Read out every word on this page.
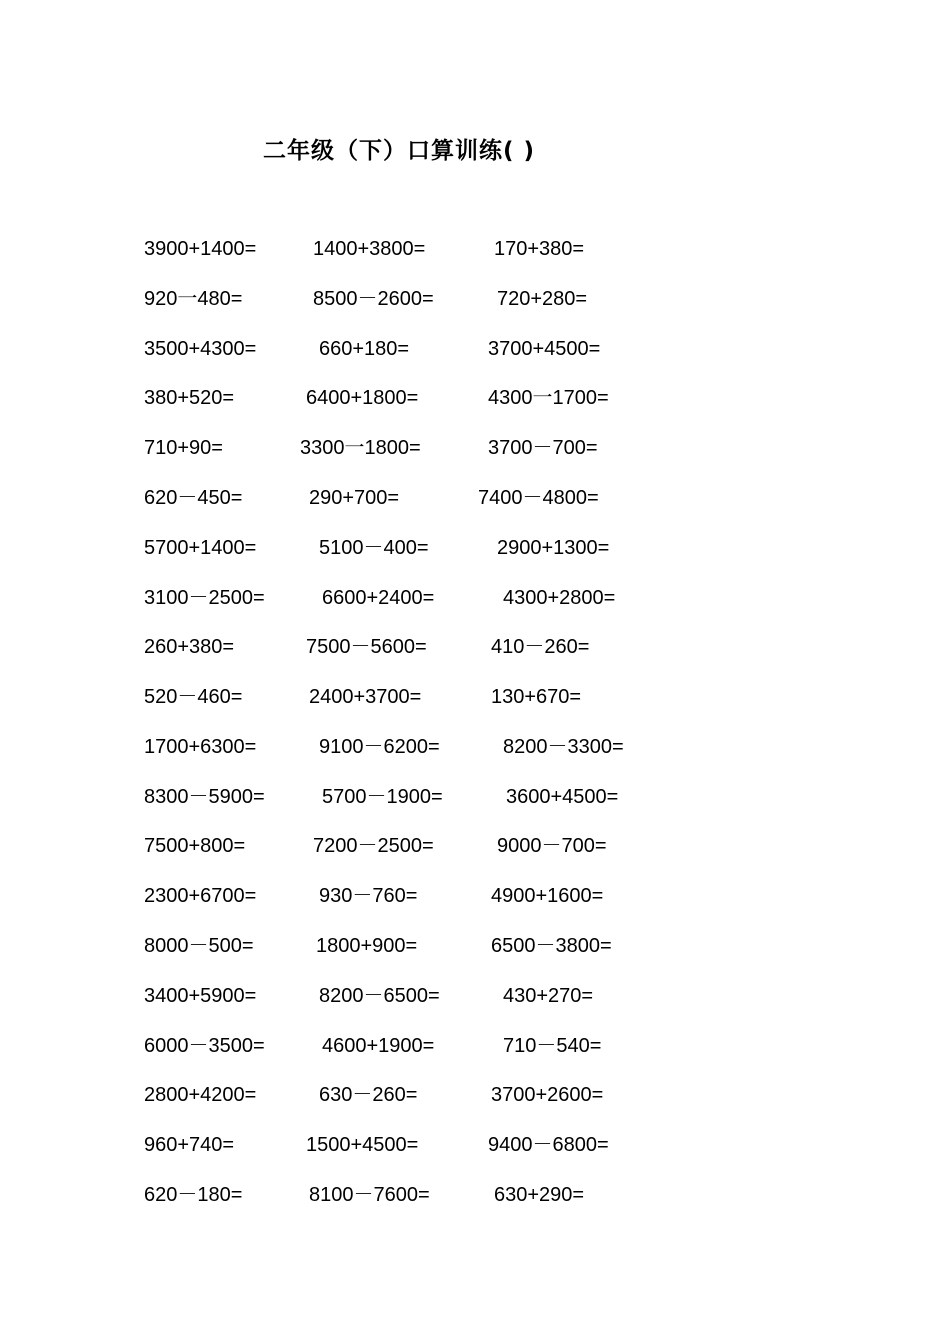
二年级（下）口算训练( )
3900+1400=	1400+3800=	170+380=
920一480=	8500－2600=	720+280=
3500+4300=	660+180=	3700+4500=
380+520=	6400+1800=	4300一1700=
710+90=	3300一1800=	3700－700=
620－450=	290+700=	7400－4800=
5700+1400=	5100－400=	2900+1300=
3100－2500=	6600+2400=	4300+2800=
260+380=	7500－5600=	410－260=
520－460=	2400+3700=	130+670=
1700+6300=	9100－6200=	8200－3300=
8300－5900=	5700－1900=	3600+4500=
7500+800=	7200－2500=	9000－700=
2300+6700=	930－760=	4900+1600=
8000－500=	1800+900=	6500－3800=
3400+5900=	8200－6500=	430+270=
6000－3500=	4600+1900=	710－540=
2800+4200=	630－260=	3700+2600=
960+740=	1500+4500=	9400－6800=
620－180=	8100－7600=	630+290=
